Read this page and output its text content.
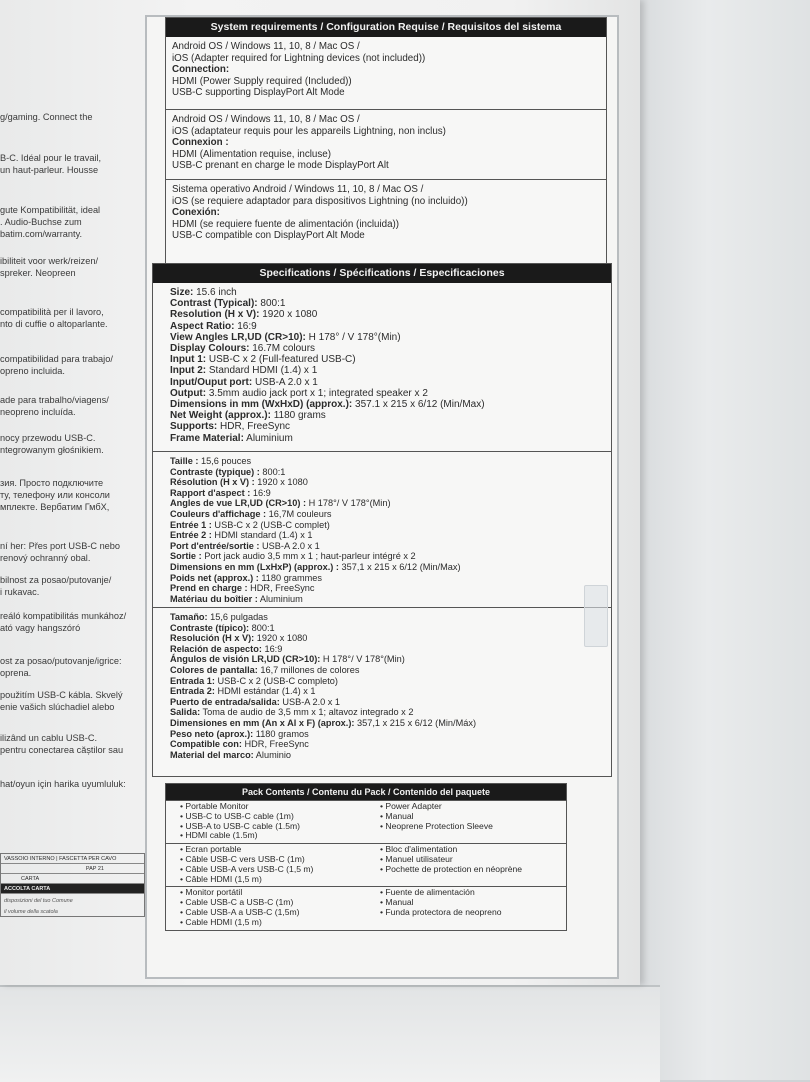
g/gaming. Connect the
B-C. Idéal pour le travail,
un haut-parleur. Housse
gute Kompatibilität, ideal
. Audio-Buchse zum
batim.com/warranty.
ibiliteit voor werk/reizen/
spreker. Neopreen
compatibilità per il lavoro,
nto di cuffie o altoparlante.
compatibilidad para trabajo/
opreno incluida.
ade para trabalho/viagens/
neopreno incluída.
nocy przewodu USB-C.
ntegrowanym głośnikiem.
зия. Просто подключите
ту, телефону или консоли
мплекте. Вербатим ГмбХ,
ní her: Přes port USB-C nebo
renový ochranný obal.
bilnost za posao/putovanje/
i rukavac.
reáló kompatibilitás munkához/
ató vagy hangszóró
ost za posao/putovanje/igrice:
oprena.
použitím USB-C kábla. Skvelý
enie vašich slúchadiel alebo
ilizând un cablu USB-C.
pentru conectarea căștilor sau
hat/oyun için harika uyumluluk:
VASSOIO INTERNO | FASCETTA PER CAVO
PAP 21
CARTA
ACCOLTA CARTA
disposizioni del tuo Comune
il volume della scatola
System requirements / Configuration Requise / Requisitos del sistema
Android OS / Windows 11, 10, 8 / Mac OS /
iOS (Adapter required for Lightning devices (not included))
Connection:
HDMI (Power Supply required (Included))
USB-C supporting DisplayPort Alt Mode
Android OS / Windows 11, 10, 8 / Mac OS /
iOS (adaptateur requis pour les appareils Lightning, non inclus)
Connexion :
HDMI (Alimentation requise, incluse)
USB-C prenant en charge le mode DisplayPort Alt
Sistema operativo Android / Windows 11, 10, 8 / Mac OS /
iOS (se requiere adaptador para dispositivos Lightning (no incluido))
Conexión:
HDMI (se requiere fuente de alimentación (incluida))
USB-C compatible con DisplayPort Alt Mode
Specifications / Spécifications / Especificaciones
Size: 15.6 inch
Contrast (Typical): 800:1
Resolution (H x V): 1920 x 1080
Aspect Ratio: 16:9
View Angles LR,UD (CR>10): H 178° / V 178°(Min)
Display Colours: 16.7M colours
Input 1: USB-C x 2 (Full-featured USB-C)
Input 2: Standard HDMI (1.4) x 1
Input/Ouput port: USB-A 2.0 x 1
Output: 3.5mm audio jack port x 1; integrated speaker x 2
Dimensions in mm (WxHxD) (approx.): 357.1 x 215 x 6/12 (Min/Max)
Net Weight (approx.): 1180 grams
Supports: HDR, FreeSync
Frame Material: Aluminium
Taille : 15,6 pouces
Contraste (typique) : 800:1
Résolution (H x V) : 1920 x 1080
Rapport d'aspect : 16:9
Angles de vue LR,UD (CR>10) : H 178°/ V 178°(Min)
Couleurs d'affichage : 16,7M couleurs
Entrée 1 : USB-C x 2 (USB-C complet)
Entrée 2 : HDMI standard (1.4) x 1
Port d'entrée/sortie : USB-A 2.0 x 1
Sortie : Port jack audio 3,5 mm x 1 ; haut-parleur intégré x 2
Dimensions en mm (LxHxP) (approx.) : 357,1 x 215 x 6/12 (Min/Max)
Poids net (approx.) : 1180 grammes
Prend en charge : HDR, FreeSync
Matériau du boîtier : Aluminium
Tamaño: 15,6 pulgadas
Contraste (típico): 800:1
Resolución (H x V): 1920 x 1080
Relación de aspecto: 16:9
Ángulos de visión LR,UD (CR>10): H 178°/ V 178°(Min)
Colores de pantalla: 16,7 millones de colores
Entrada 1: USB-C x 2 (USB-C completo)
Entrada 2: HDMI estándar (1.4) x 1
Puerto de entrada/salida: USB-A 2.0 x 1
Salida: Toma de audio de 3,5 mm x 1; altavoz integrado x 2
Dimensiones en mm (An x Al x F) (aprox.): 357,1 x 215 x 6/12 (Min/Máx)
Peso neto (aprox.): 1180 gramos
Compatible con: HDR, FreeSync
Material del marco: Aluminio
Pack Contents / Contenu du Pack / Contenido del paquete
• Portable Monitor
• USB-C to USB-C cable (1m)
• USB-A to USB-C cable (1.5m)
• HDMI cable (1.5m)
• Power Adapter
• Manual
• Neoprene Protection Sleeve
• Ecran portable
• Câble USB-C vers USB-C (1m)
• Câble USB-A vers USB-C (1,5 m)
• Câble HDMI (1,5 m)
• Bloc d'alimentation
• Manuel utilisateur
• Pochette de protection en néoprène
• Monitor portátil
• Cable USB-C a USB-C (1m)
• Cable USB-A a USB-C (1,5m)
• Cable HDMI (1,5 m)
• Fuente de alimentación
• Manual
• Funda protectora de neopreno
